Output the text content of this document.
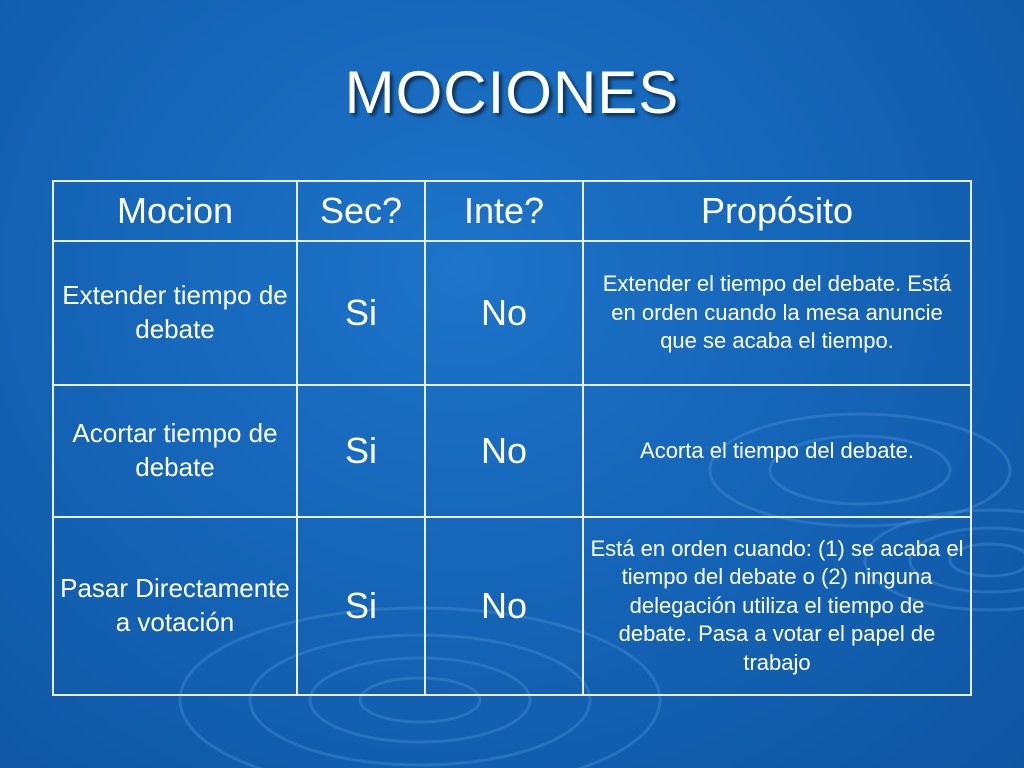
MOCIONES
Mocion	Sec?	Inte?	Propósito
Extender tiempo de debate	Si	No	Extender el tiempo del debate. Está en orden cuando la mesa anuncie que se acaba el tiempo.
Acortar tiempo de debate	Si	No	Acorta el tiempo del debate.
Pasar Directamente a votación	Si	No	Está en orden cuando: (1) se acaba el tiempo del debate o (2) ninguna delegación utiliza el tiempo de debate. Pasa a votar el papel de trabajo
